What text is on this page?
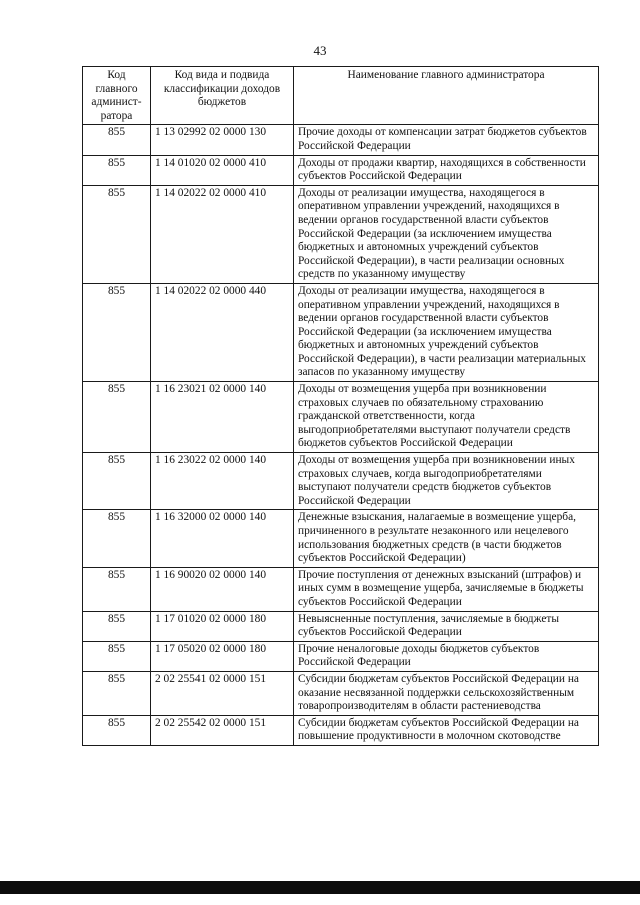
43
Код главного админист-ратора	Код вида и подвида классификации доходов бюджетов	Наименование главного администратора
855	1 13 02992 02 0000 130	Прочие доходы от компенсации затрат бюджетов субъектов Российской Федерации
855	1 14 01020 02 0000 410	Доходы от продажи квартир, находящихся в собственности субъектов Российской Федерации
855	1 14 02022 02 0000 410	Доходы от реализации имущества, находящегося в оперативном управлении учреждений, находящихся в ведении органов государственной власти субъектов Российской Федерации (за исключением имущества бюджетных и автономных учреждений субъектов Российской Федерации), в части реализации основных средств по указанному имуществу
855	1 14 02022 02 0000 440	Доходы от реализации имущества, находящегося в оперативном управлении учреждений, находящихся в ведении органов государственной власти субъектов Российской Федерации (за исключением имущества бюджетных и автономных учреждений субъектов Российской Федерации), в части реализации материальных запасов по указанному имуществу
855	1 16 23021 02 0000 140	Доходы от возмещения ущерба при возникновении страховых случаев по обязательному страхованию гражданской ответственности, когда выгодоприобретателями выступают получатели средств бюджетов субъектов Российской Федерации
855	1 16 23022 02 0000 140	Доходы от возмещения ущерба при возникновении иных страховых случаев, когда выгодоприобретателями выступают получатели средств бюджетов субъектов Российской Федерации
855	1 16 32000 02 0000 140	Денежные взыскания, налагаемые в возмещение ущерба, причиненного в результате незаконного или нецелевого использования бюджетных средств (в части бюджетов субъектов Российской Федерации)
855	1 16 90020 02 0000 140	Прочие поступления от денежных взысканий (штрафов) и иных сумм в возмещение ущерба, зачисляемые в бюджеты субъектов Российской Федерации
855	1 17 01020 02 0000 180	Невыясненные поступления, зачисляемые в бюджеты субъектов Российской Федерации
855	1 17 05020 02 0000 180	Прочие неналоговые доходы бюджетов субъектов Российской Федерации
855	2 02 25541 02 0000 151	Субсидии бюджетам субъектов Российской Федерации на оказание несвязанной поддержки сельскохозяйственным товаропроизводителям в области растениеводства
855	2 02 25542 02 0000 151	Субсидии бюджетам субъектов Российской Федерации на повышение продуктивности в молочном скотоводстве
